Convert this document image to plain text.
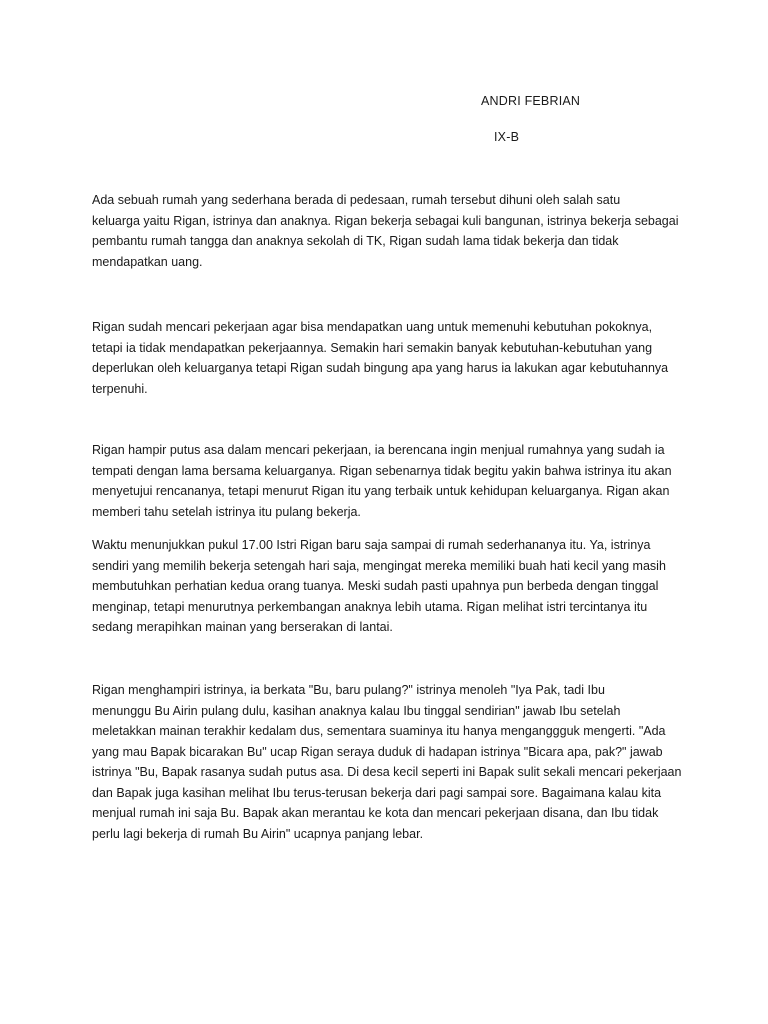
ANDRI FEBRIAN
IX-B

Ada sebuah rumah yang sederhana berada di pedesaan, rumah tersebut dihuni oleh salah satu
keluarga yaitu Rigan, istrinya dan anaknya. Rigan bekerja sebagai kuli bangunan, istrinya bekerja sebagai
pembantu rumah tangga dan anaknya sekolah di TK, Rigan sudah lama tidak bekerja dan tidak
mendapatkan uang.

Rigan sudah mencari pekerjaan agar bisa mendapatkan uang untuk memenuhi kebutuhan pokoknya,
tetapi ia tidak mendapatkan pekerjaannya. Semakin hari semakin banyak kebutuhan-kebutuhan yang
deperlukan oleh keluarganya tetapi Rigan sudah bingung apa yang harus ia lakukan agar kebutuhannya
terpenuhi.

Rigan hampir putus asa dalam mencari pekerjaan, ia berencana ingin menjual rumahnya yang sudah ia
tempati dengan lama bersama keluarganya. Rigan sebenarnya tidak begitu yakin bahwa istrinya itu akan
menyetujui rencananya, tetapi menurut Rigan itu yang terbaik untuk kehidupan keluarganya. Rigan akan
memberi tahu setelah istrinya itu pulang bekerja.

Waktu menunjukkan pukul 17.00 Istri Rigan baru saja sampai di rumah sederhananya itu. Ya, istrinya
sendiri yang memilih bekerja setengah hari saja, mengingat mereka memiliki buah hati kecil yang masih
membutuhkan perhatian kedua orang tuanya. Meski sudah pasti upahnya pun berbeda dengan tinggal
menginap, tetapi menurutnya perkembangan anaknya lebih utama. Rigan melihat istri tercintanya itu
sedang merapihkan mainan yang berserakan di lantai.

Rigan menghampiri istrinya, ia berkata "Bu, baru pulang?" istrinya menoleh "Iya Pak, tadi Ibu
menunggu Bu Airin pulang dulu, kasihan anaknya kalau Ibu tinggal sendirian" jawab Ibu setelah
meletakkan mainan terakhir kedalam dus, sementara suaminya itu hanya menganggguk mengerti. "Ada
yang mau Bapak bicarakan Bu" ucap Rigan seraya duduk di hadapan istrinya "Bicara apa, pak?" jawab
istrinya "Bu, Bapak rasanya sudah putus asa. Di desa kecil seperti ini Bapak sulit sekali mencari pekerjaan
dan Bapak juga kasihan melihat Ibu terus-terusan bekerja dari pagi sampai sore. Bagaimana kalau kita
menjual rumah ini saja Bu. Bapak akan merantau ke kota dan mencari pekerjaan disana, dan Ibu tidak
perlu lagi bekerja di rumah Bu Airin" ucapnya panjang lebar.
